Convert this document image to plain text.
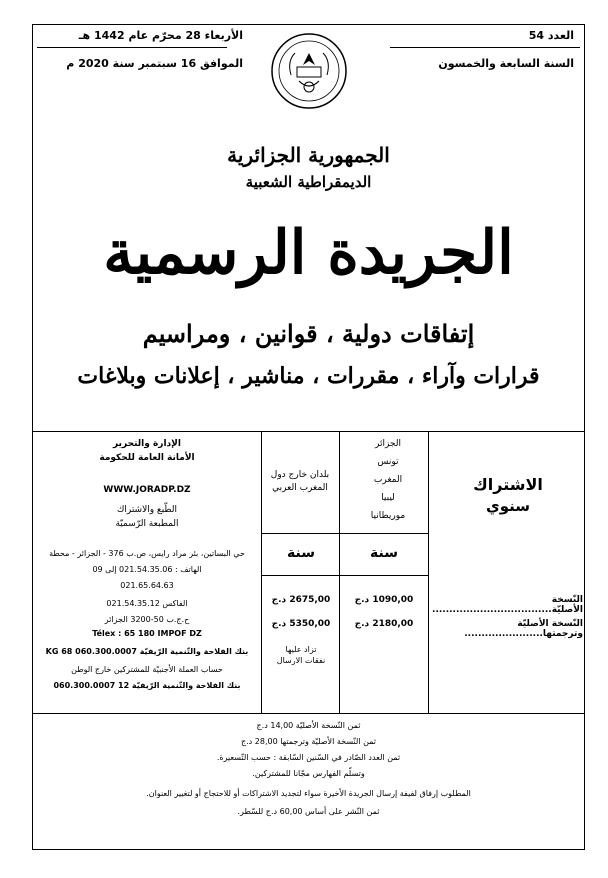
العدد 54
السنة السابعة والخمسون
الأربعاء 28 محرّم عام 1442 هـ
الموافق 16 سبتمبر سنة 2020 م
الجمهورية الجزائرية
الديمقراطية الشعبية
الجريدة الرسمية
إتفاقات دولية ، قوانين ، ومراسيم
قرارات وآراء ، مقررات ، مناشير ، إعلانات وبلاغات
الاشتراك
سنوي
الجزائر
تونس
المغرب
ليبيا
موريطانيا
بلدان خارج دول المغرب العربي
سنة
سنة
النّسخة الأصليّة...................................
النّسخة الأصليّة وترجمتها.......................
1090,00 د.ج
2180,00 د.ج
2675,00 د.ج
5350,00 د.ج
تزاد عليها
نفقات الارسال
الإدارة والتحرير
الأمانة العامة للحكومة
WWW.JORADP.DZ
الطّبع والاشتراك
المطبعة الرّسميّة
حي البساتين، بئر مراد رايس، ص.ب 376 - الجزائر - محطة
الهاتف : 021.54.35.06 إلى 09
021.65.64.63
الفاكس 021.54.35.12
ح.ج.ب 50-3200 الجزائر
Télex : 65 180 IMPOF DZ
بنك الفلاحة والتّنمية الرّيفيّة 060.300.0007 68 KG
حساب العملة الأجنبيّة للمشتركين خارج الوطن
بنك الفلاحة والتّنمية الرّيفيّة 12 060.300.0007
ثمن النّسخة الأصليّة 14,00 د.ج
ثمن النّسخة الأصليّة وترجمتها 28,00 د.ج
ثمن العدد الصّادر في السّنين السّابقة : حسب التّسعيرة.
وتسلّم الفهارس مجّانا للمشتركين.
المطلوب إرفاق لفيفة إرسال الجريدة الأخيرة سواء لتجديد الاشتراكات أو للاحتجاج أو لتغيير العنوان.
ثمن النّشر على أساس 60,00 د.ج للسّطر.
